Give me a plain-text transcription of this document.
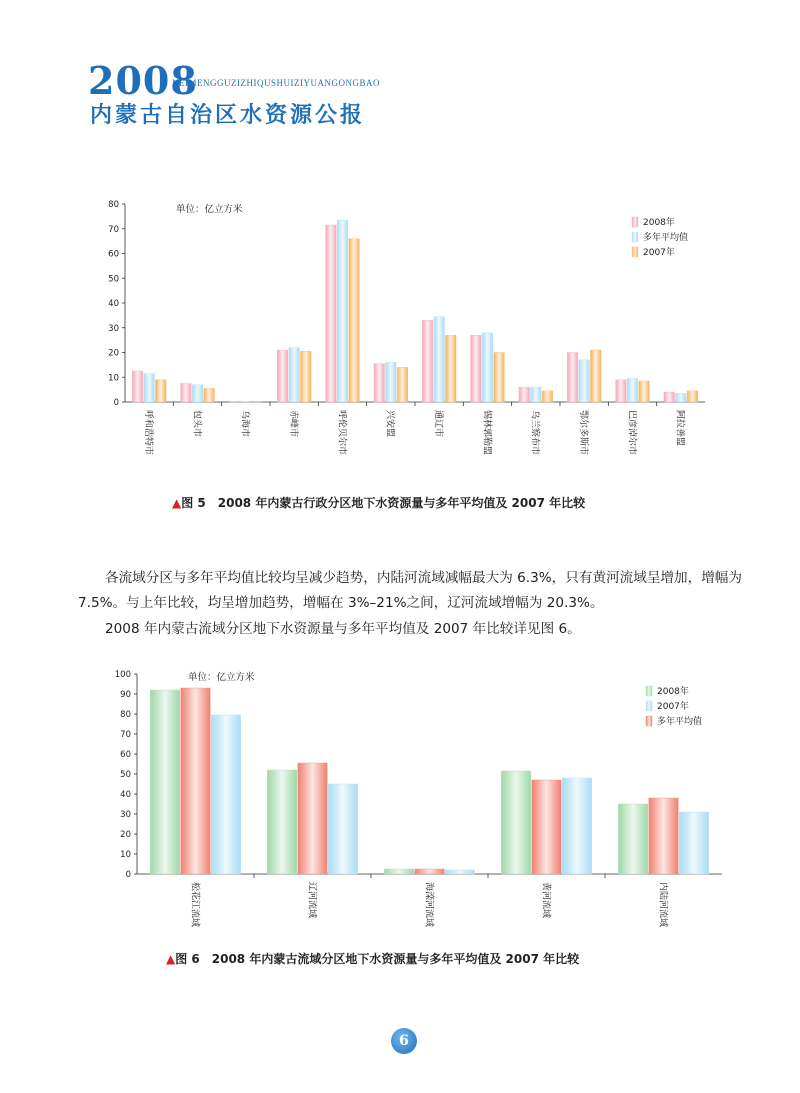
2008
NEIMENGGUZIZHIQUSHUIZIYUANGONGBAO
内蒙古自治区水资源公报
0
10
20
30
40
50
60
70
80
呼和浩特市	包头市	乌海市	赤峰市	呼伦贝尔市	兴安盟	通辽市	锡林郭勒盟	乌兰察布市	鄂尔多斯市	巴彦淖尔市	阿拉善盟
单位：亿立方米
2008年
多年平均值
2007年
▲图 5　2008 年内蒙古行政分区地下水资源量与多年平均值及 2007 年比较
各流域分区与多年平均值比较均呈减少趋势，内陆河流域减幅最大为 6.3%，只有黄河流域呈增加，增幅为 7.5%。与上年比较，均呈增加趋势，增幅在 3%–21%之间，辽河流域增幅为 20.3%。
2008 年内蒙古流域分区地下水资源量与多年平均值及 2007 年比较详见图 6。
0
10
20
30
40
50
60
70
80
90
100
松花江流域	辽河流域	海滦河流域	黄河流域	内陆河流域
单位：亿立方米
2008年
2007年
多年平均值
▲图 6　2008 年内蒙古流域分区地下水资源量与多年平均值及 2007 年比较
6
